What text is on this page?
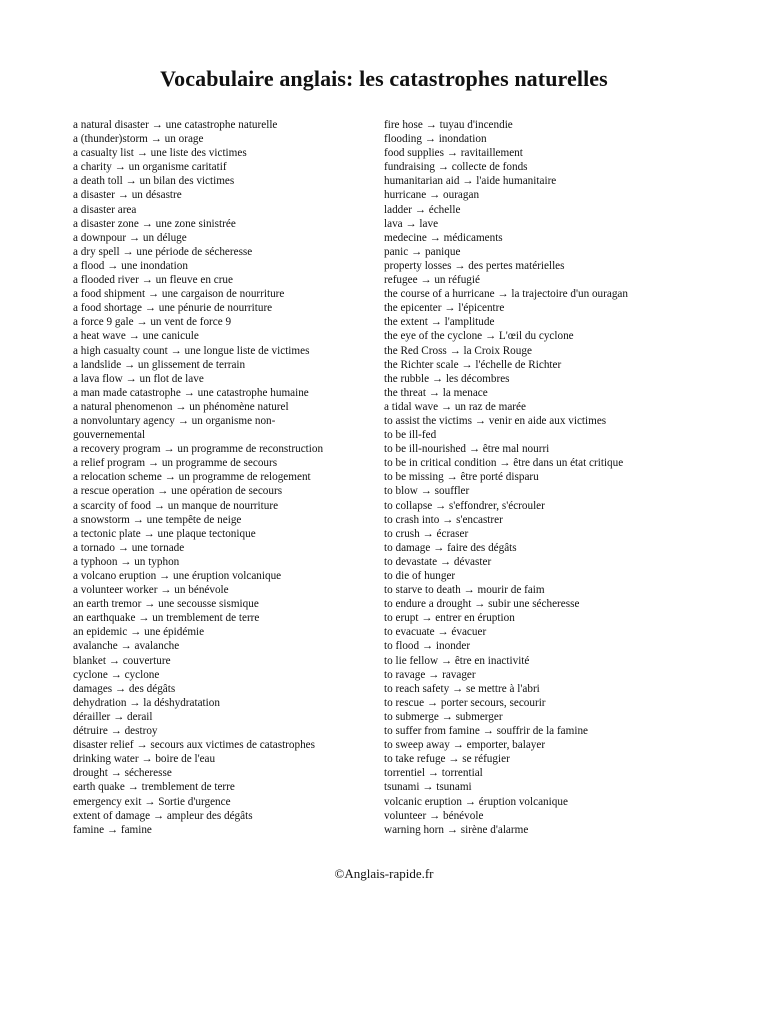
Vocabulaire anglais: les catastrophes naturelles
a natural disaster → une catastrophe naturelle
a (thunder)storm → un orage
a casualty list → une liste des victimes
a charity → un organisme caritatif
a death toll → un bilan des victimes
a disaster → un désastre
a disaster area
a disaster zone → une zone sinistrée
a downpour → un déluge
a dry spell → une période de sécheresse
a flood → une inondation
a flooded river → un fleuve en crue
a food shipment → une cargaison de nourriture
a food shortage → une pénurie de nourriture
a force 9 gale → un vent de force 9
a heat wave → une canicule
a high casualty count → une longue liste de victimes
a landslide → un glissement de terrain
a lava flow → un flot de lave
a man made catastrophe → une catastrophe humaine
a natural phenomenon → un phénomène naturel
a nonvoluntary agency → un organisme non-
gouvernemental
a recovery program → un programme de reconstruction
a relief program → un programme de secours
a relocation scheme → un programme de relogement
a rescue operation → une opération de secours
a scarcity of food → un manque de nourriture
a snowstorm → une tempête de neige
a tectonic plate → une plaque tectonique
a tornado → une tornade
a typhoon → un typhon
a volcano eruption → une éruption volcanique
a volunteer worker → un bénévole
an earth tremor → une secousse sismique
an earthquake → un tremblement de terre
an epidemic → une épidémie
avalanche → avalanche
blanket → couverture
cyclone → cyclone
damages → des dégâts
dehydration → la déshydratation
dérailler → derail
détruire → destroy
disaster relief → secours aux victimes de catastrophes
drinking water → boire de l'eau
drought → sécheresse
earth quake → tremblement de terre
emergency exit → Sortie d'urgence
extent of damage → ampleur des dégâts
famine → famine
fire hose → tuyau d'incendie
flooding → inondation
food supplies → ravitaillement
fundraising → collecte de fonds
humanitarian aid → l'aide humanitaire
hurricane → ouragan
ladder → échelle
lava → lave
medecine → médicaments
panic → panique
property losses → des pertes matérielles
refugee → un réfugié
the course of a hurricane → la trajectoire d'un ouragan
the epicenter → l'épicentre
the extent → l'amplitude
the eye of the cyclone → L'œil du cyclone
the Red Cross → la Croix Rouge
the Richter scale → l'échelle de Richter
the rubble → les décombres
the threat → la menace
a tidal wave → un raz de marée
to assist the victims → venir en aide aux victimes
to be ill-fed
to be ill-nourished → être mal nourri
to be in critical condition → être dans un état critique
to be missing → être porté disparu
to blow → souffler
to collapse → s'effondrer, s'écrouler
to crash into → s'encastrer
to crush → écraser
to damage → faire des dégâts
to devastate → dévaster
to die of hunger
to starve to death → mourir de faim
to endure a drought → subir une sécheresse
to erupt → entrer en éruption
to evacuate → évacuer
to flood → inonder
to lie fellow → être en inactivité
to ravage → ravager
to reach safety → se mettre à l'abri
to rescue → porter secours, secourir
to submerge → submerger
to suffer from famine → souffrir de la famine
to sweep away → emporter, balayer
to take refuge → se réfugier
torrentiel → torrential
tsunami → tsunami
volcanic eruption → éruption volcanique
volunteer → bénévole
warning horn → sirène d'alarme
©Anglais-rapide.fr
